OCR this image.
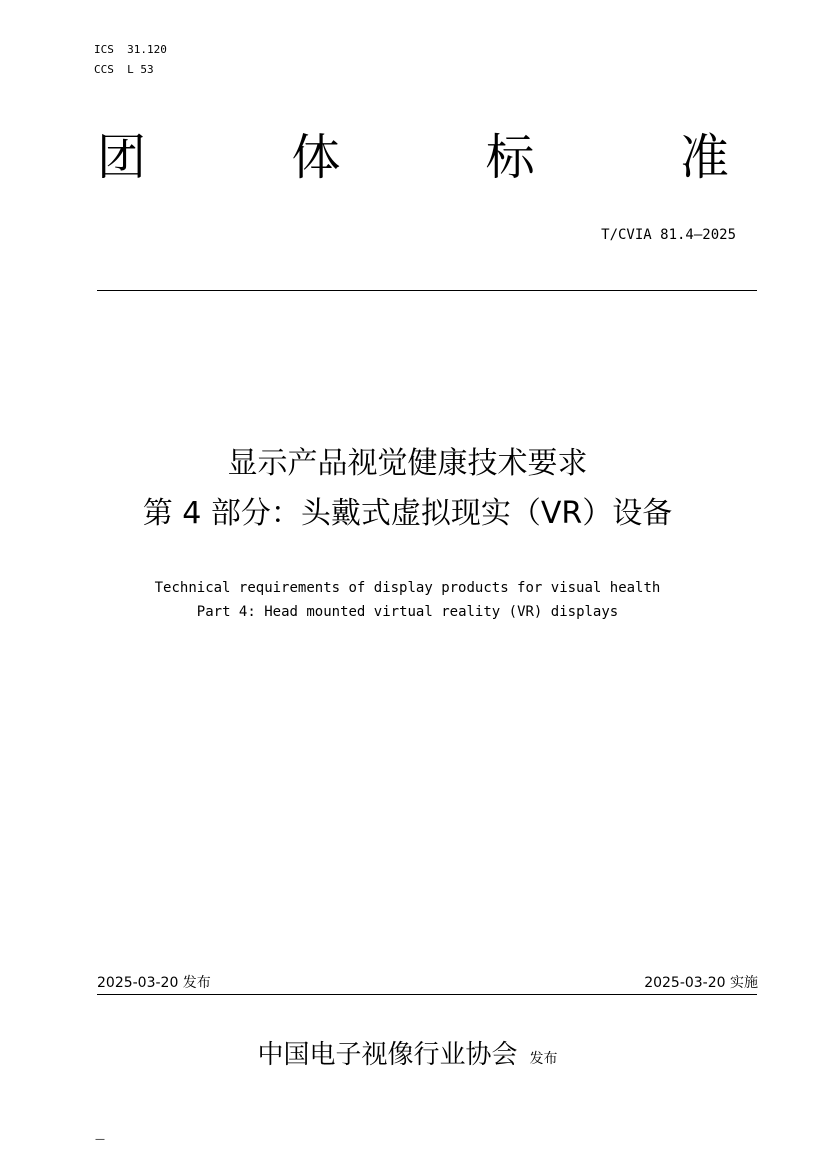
ICS  31.120
CCS  L 53
团	体	标	准
T/CVIA 81.4—2025
显示产品视觉健康技术要求
第 4 部分：头戴式虚拟现实（VR）设备
Technical requirements of display products for visual health
Part 4: Head mounted virtual reality (VR) displays
2025-03-20 发布	2025-03-20 实施
中国电子视像行业协会 发布
—
